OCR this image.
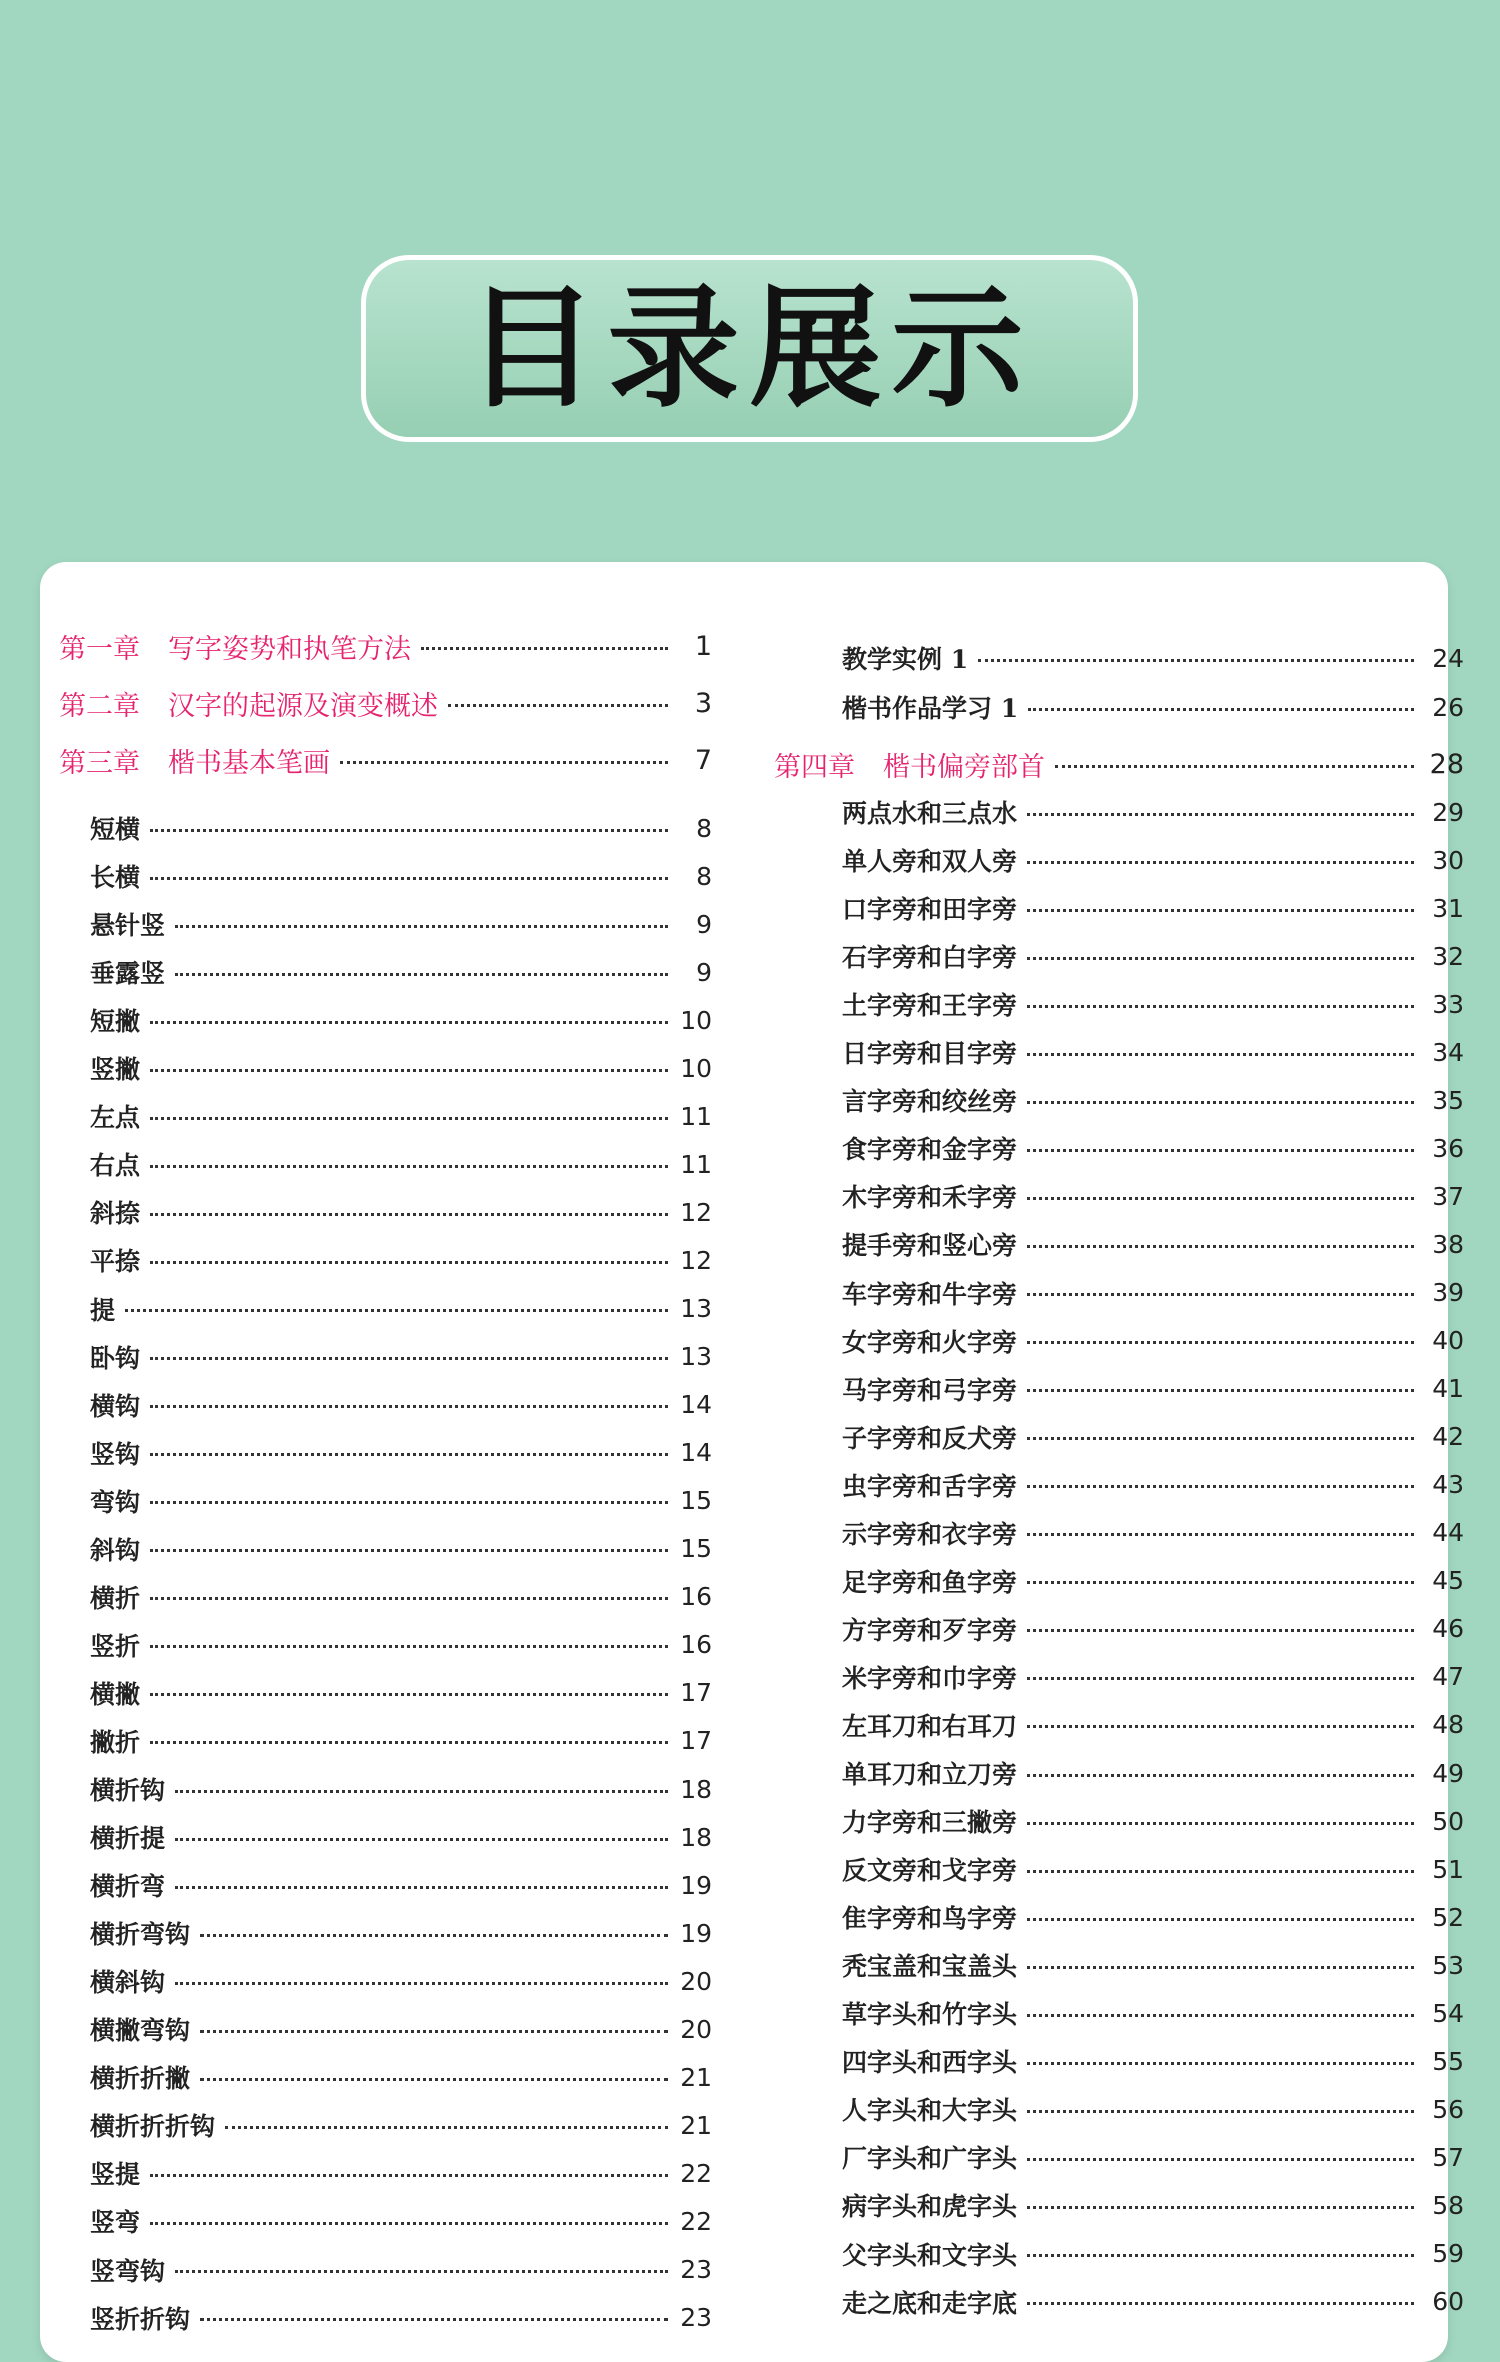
目录展示
第一章 写字姿势和执笔方法	1
第二章 汉字的起源及演变概述	3
第三章 楷书基本笔画	7
短横	8
长横	8
悬针竖	9
垂露竖	9
短撇	10
竖撇	10
左点	11
右点	11
斜捺	12
平捺	12
提	13
卧钩	13
横钩	14
竖钩	14
弯钩	15
斜钩	15
横折	16
竖折	16
横撇	17
撇折	17
横折钩	18
横折提	18
横折弯	19
横折弯钩	19
横斜钩	20
横撇弯钩	20
横折折撇	21
横折折折钩	21
竖提	22
竖弯	22
竖弯钩	23
竖折折钩	23
教学实例 1	24
楷书作品学习 1	26
第四章 楷书偏旁部首	28
两点水和三点水	29
单人旁和双人旁	30
口字旁和田字旁	31
石字旁和白字旁	32
土字旁和王字旁	33
日字旁和目字旁	34
言字旁和绞丝旁	35
食字旁和金字旁	36
木字旁和禾字旁	37
提手旁和竖心旁	38
车字旁和牛字旁	39
女字旁和火字旁	40
马字旁和弓字旁	41
子字旁和反犬旁	42
虫字旁和舌字旁	43
示字旁和衣字旁	44
足字旁和鱼字旁	45
方字旁和歹字旁	46
米字旁和巾字旁	47
左耳刀和右耳刀	48
单耳刀和立刀旁	49
力字旁和三撇旁	50
反文旁和戈字旁	51
隹字旁和鸟字旁	52
秃宝盖和宝盖头	53
草字头和竹字头	54
四字头和西字头	55
人字头和大字头	56
厂字头和广字头	57
病字头和虎字头	58
父字头和文字头	59
走之底和走字底	60
